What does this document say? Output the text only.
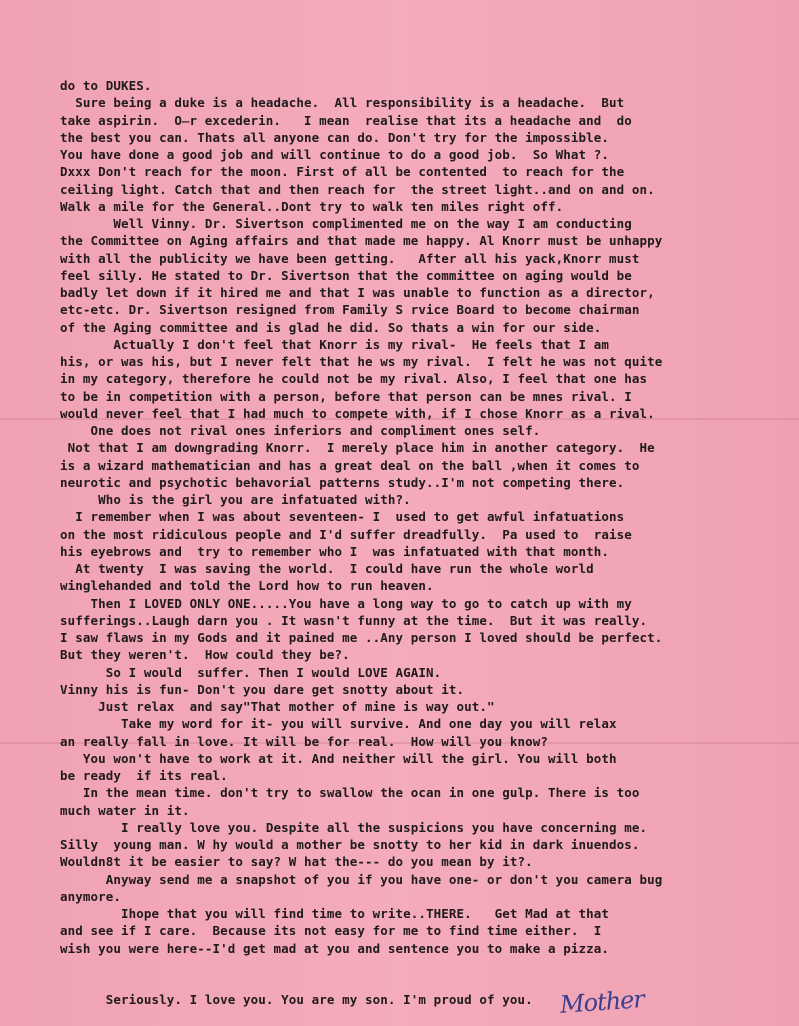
do to DUKES.
Sure being a duke is a headache.  All responsibility is a headache.  But
take aspirin.  O̶r excederin.   I mean  realise that its a headache and  do
the best you can. Thats all anyone can do. Don't try for the impossible.
You have done a good job and will continue to do a good job.  So What ?.
Dxxx Don't reach for the moon. First of all be contented  to reach for the
ceiling light. Catch that and then reach for  the street light..and on and on.
Walk a mile for the General..Dont try to walk ten miles right off.
Well Vinny. Dr. Sivertson complimented me on the way I am conducting
the Committee on Aging affairs and that made me happy. Al Knorr must be unhappy
with all the publicity we have been getting.   After all his yack,Knorr must
feel silly. He stated to Dr. Sivertson that the committee on aging would be
badly let down if it hired me and that I was unable to function as a director,
etc-etc. Dr. Sivertson resigned from Family S rvice Board to become chairman
of the Aging committee and is glad he did. So thats a win for our side.
Actually I don't feel that Knorr is my rival-  He feels that I am
his, or was his, but I never felt that he ws my rival.  I felt he was not quite
in my category, therefore he could not be my rival. Also, I feel that one has
to be in competition with a person, before that person can be mnes rival. I
would never feel that I had much to compete with, if I chose Knorr as a rival.
One does not rival ones inferiors and compliment ones self.
Not that I am downgrading Knorr.  I merely place him in another category.  He
is a wizard mathematician and has a great deal on the ball ,when it comes to
neurotic and psychotic behavorial patterns study..I'm not competing there.
Who is the girl you are infatuated with?.
I remember when I was about seventeen- I  used to get awful infatuations
on the most ridiculous people and I'd suffer dreadfully.  Pa used to  raise
his eyebrows and  try to remember who I  was infatuated with that month.
At twenty  I was saving the world.  I could have run the whole world
winglehanded and told the Lord how to run heaven.
Then I LOVED ONLY ONE.....You have a long way to go to catch up with my
sufferings..Laugh darn you . It wasn't funny at the time.  But it was really.
I saw flaws in my Gods and it pained me ..Any person I loved should be perfect.
But they weren't.  How could they be?.
So I would  suffer. Then I would LOVE AGAIN.
Vinny his is fun- Don't you dare get snotty about it.
Just relax  and say"That mother of mine is way out."
Take my word for it- you will survive. And one day you will relax
an really fall in love. It will be for real.  How will you know?
You won't have to work at it. And neither will the girl. You will both
be ready  if its real.
In the mean time. don't try to swallow the ocan in one gulp. There is too
much water in it.
I really love you. Despite all the suspicions you have concerning me.
Silly  young man. W hy would a mother be snotty to her kid in dark inuendos.
Wouldn8t it be easier to say? W hat the--- do you mean by it?.
Anyway send me a snapshot of you if you have one- or don't you camera bug
anymore.
Ihope that you will find time to write..THERE.   Get Mad at that
and see if I care.  Because its not easy for me to find time either.  I
wish you were here--I'd get mad at you and sentence you to make a pizza.
Seriously. I love you. You are my son. I'm proud of you. Mother
